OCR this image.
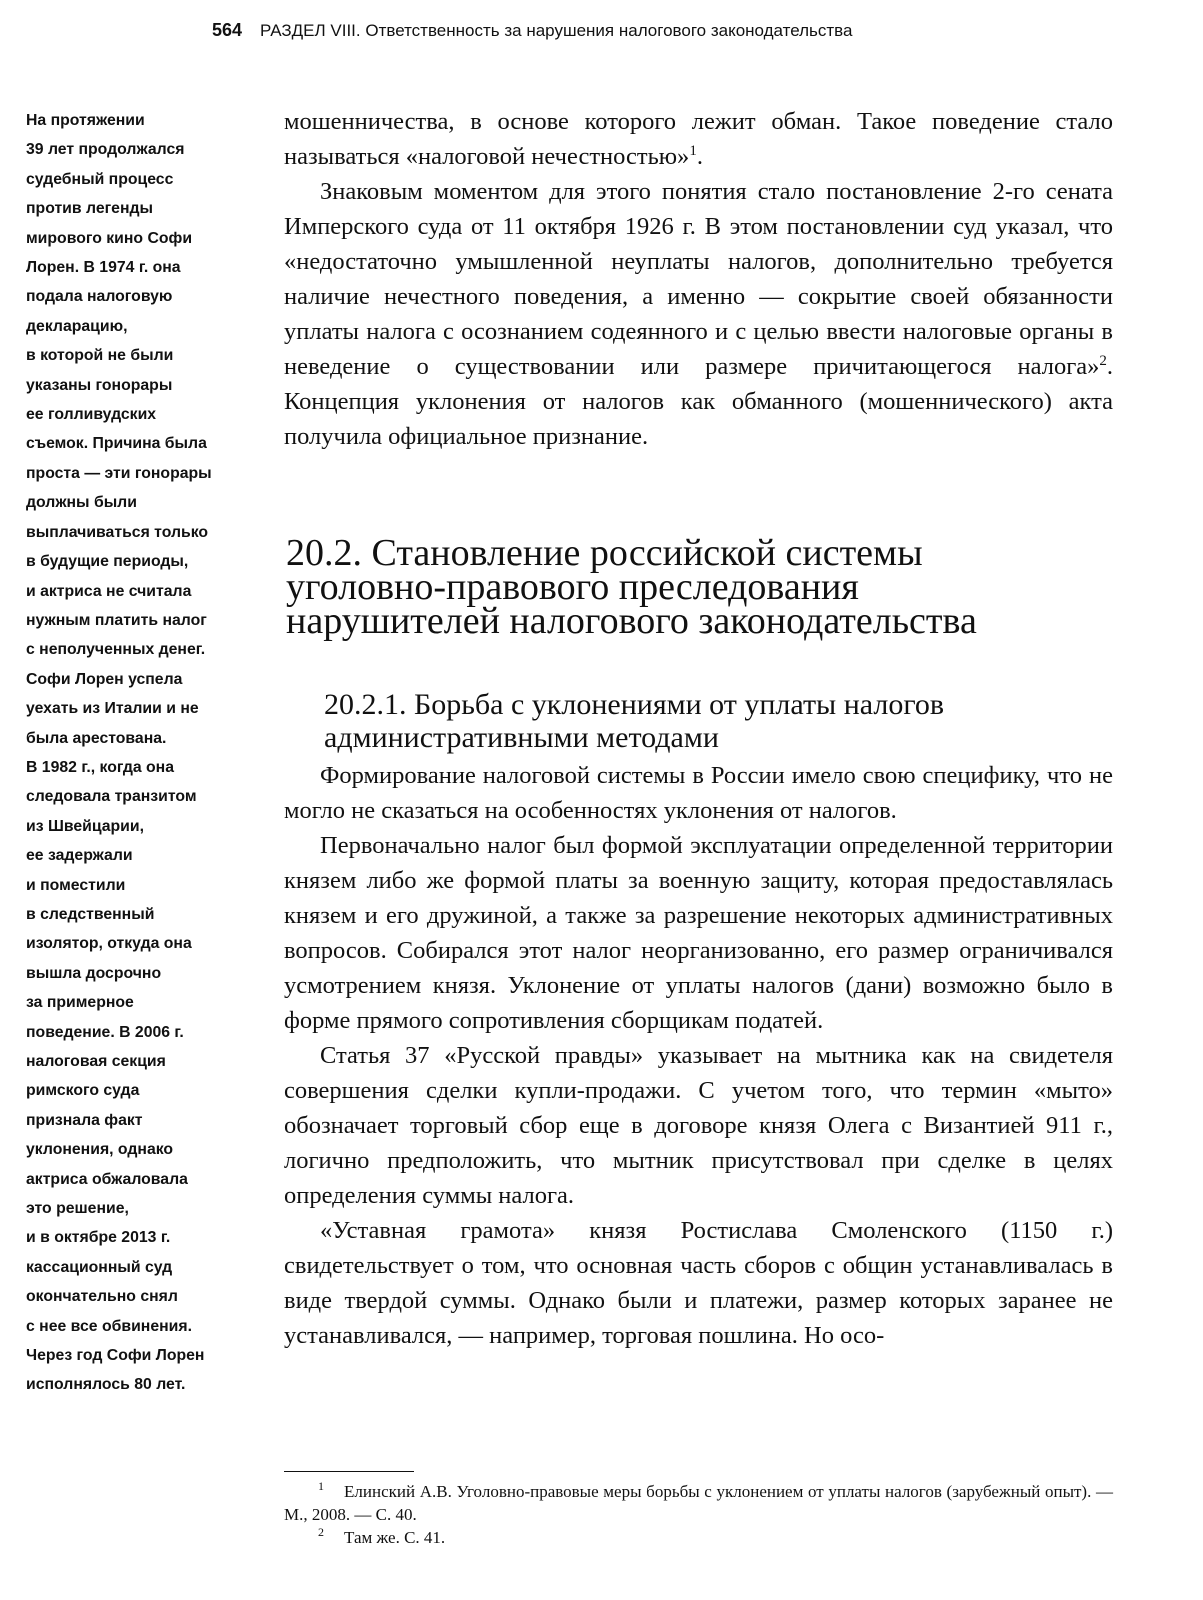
564 РАЗДЕЛ VIII. Ответственность за нарушения налогового законодательства
На протяжении
39 лет продолжался
судебный процесс
против легенды
мирового кино Софи
Лорен. В 1974 г. она
подала налоговую
декларацию,
в которой не были
указаны гонорары
ее голливудских
съемок. Причина была
проста — эти гонорары
должны были
выплачиваться только
в будущие периоды,
и актриса не считала
нужным платить налог
с неполученных денег.
Софи Лорен успела
уехать из Италии и не
была арестована.
В 1982 г., когда она
следовала транзитом
из Швейцарии,
ее задержали
и поместили
в следственный
изолятор, откуда она
вышла досрочно
за примерное
поведение. В 2006 г.
налоговая секция
римского суда
признала факт
уклонения, однако
актриса обжаловала
это решение,
и в октябре 2013 г.
кассационный суд
окончательно снял
с нее все обвинения.
Через год Софи Лорен
исполнялось 80 лет.

мошенничества, в основе которого лежит обман. Такое поведение стало называться «налоговой нечестностью»$^1$.

Знаковым моментом для этого понятия стало постановление 2-го сената Имперского суда от 11 октября 1926 г. В этом постановлении суд указал, что «недостаточно умышленной неуплаты налогов, дополнительно требуется наличие нечестного поведения, а именно — сокрытие своей обязанности уплаты налога с осознанием содеянного и с целью ввести налоговые органы в неведение о существовании или размере причитающегося налога»$^2$. Концепция уклонения от налогов как обманного (мошеннического) акта получила официальное признание.

20.2. Становление российской системы
уголовно-правового преследования
нарушителей налогового законодательства
20.2.1. Борьба с уклонениями от уплаты налогов
административными методами

Формирование налоговой системы в России имело свою специфику, что не могло не сказаться на особенностях уклонения от налогов.

Первоначально налог был формой эксплуатации определенной территории князем либо же формой платы за военную защиту, которая предоставлялась князем и его дружиной, а также за разрешение некоторых административных вопросов. Собирался этот налог неорганизованно, его размер ограничивался усмотрением князя. Уклонение от уплаты налогов (дани) возможно было в форме прямого сопротивления сборщикам податей.

Статья 37 «Русской правды» указывает на мытника как на свидетеля совершения сделки купли-продажи. С учетом того, что термин «мыто» обозначает торговый сбор еще в договоре князя Олега с Византией 911 г., логично предположить, что мытник присутствовал при сделке в целях определения суммы налога.

«Уставная грамота» князя Ростислава Смоленского (1150 г.) свидетельствует о том, что основная часть сборов с общин устанавливалась в виде твердой суммы. Однако были и платежи, размер которых заранее не устанавливался, — например, торговая пошлина. Но осо-

1 Елинский А.В. Уголовно-правовые меры борьбы с уклонением от уплаты налогов (зарубежный опыт). — М., 2008. — С. 40.

2 Там же. С. 41.
